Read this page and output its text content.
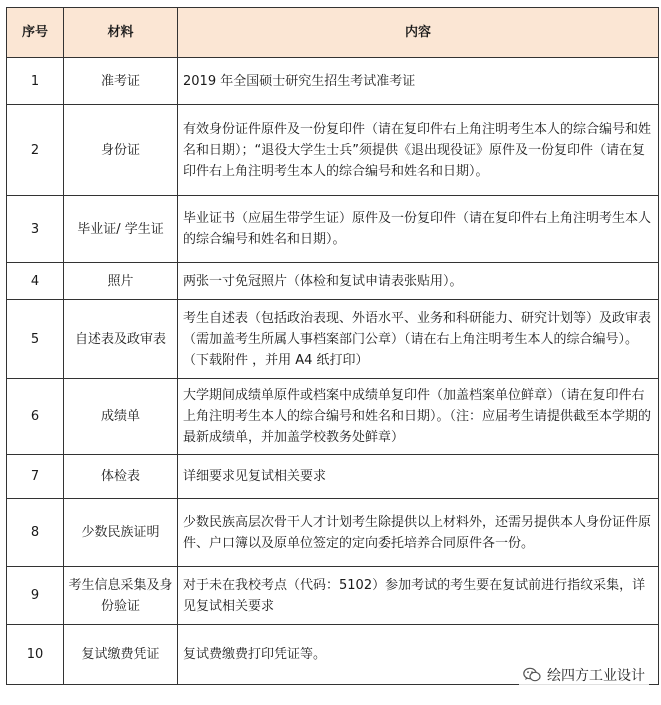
序号	材料	内容
1	准考证	2019 年全国硕士研究生招生考试准考证
2	身份证	有效身份证件原件及一份复印件（请在复印件右上角注明考生本人的综合编号和姓名和日期）；“退役大学生士兵”须提供《退出现役证》原件及一份复印件（请在复印件右上角注明考生本人的综合编号和姓名和日期）。
3	毕业证/ 学生证	毕业证书（应届生带学生证）原件及一份复印件（请在复印件右上角注明考生本人的综合编号和姓名和日期）。
4	照片	两张一寸免冠照片（体检和复试申请表张贴用）。
5	自述表及政审表	考生自述表（包括政治表现、外语水平、业务和科研能力、研究计划等）及政审表（需加盖考生所属人事档案部门公章）（请在右上角注明考生本人的综合编号）。（下载附件 ，并用 A4 纸打印）
6	成绩单	大学期间成绩单原件或档案中成绩单复印件（加盖档案单位鲜章）（请在复印件右上角注明考生本人的综合编号和姓名和日期）。（注：应届考生请提供截至本学期的最新成绩单，并加盖学校教务处鲜章）
7	体检表	详细要求见复试相关要求
8	少数民族证明	少数民族高层次骨干人才计划考生除提供以上材料外，还需另提供本人身份证件原件、户口簿以及原单位签定的定向委托培养合同原件各一份。
9	考生信息采集及身份验证	对于未在我校考点（代码：5102）参加考试的考生要在复试前进行指纹采集，详见复试相关要求
10	复试缴费凭证	复试费缴费打印凭证等。
绘四方工业设计
